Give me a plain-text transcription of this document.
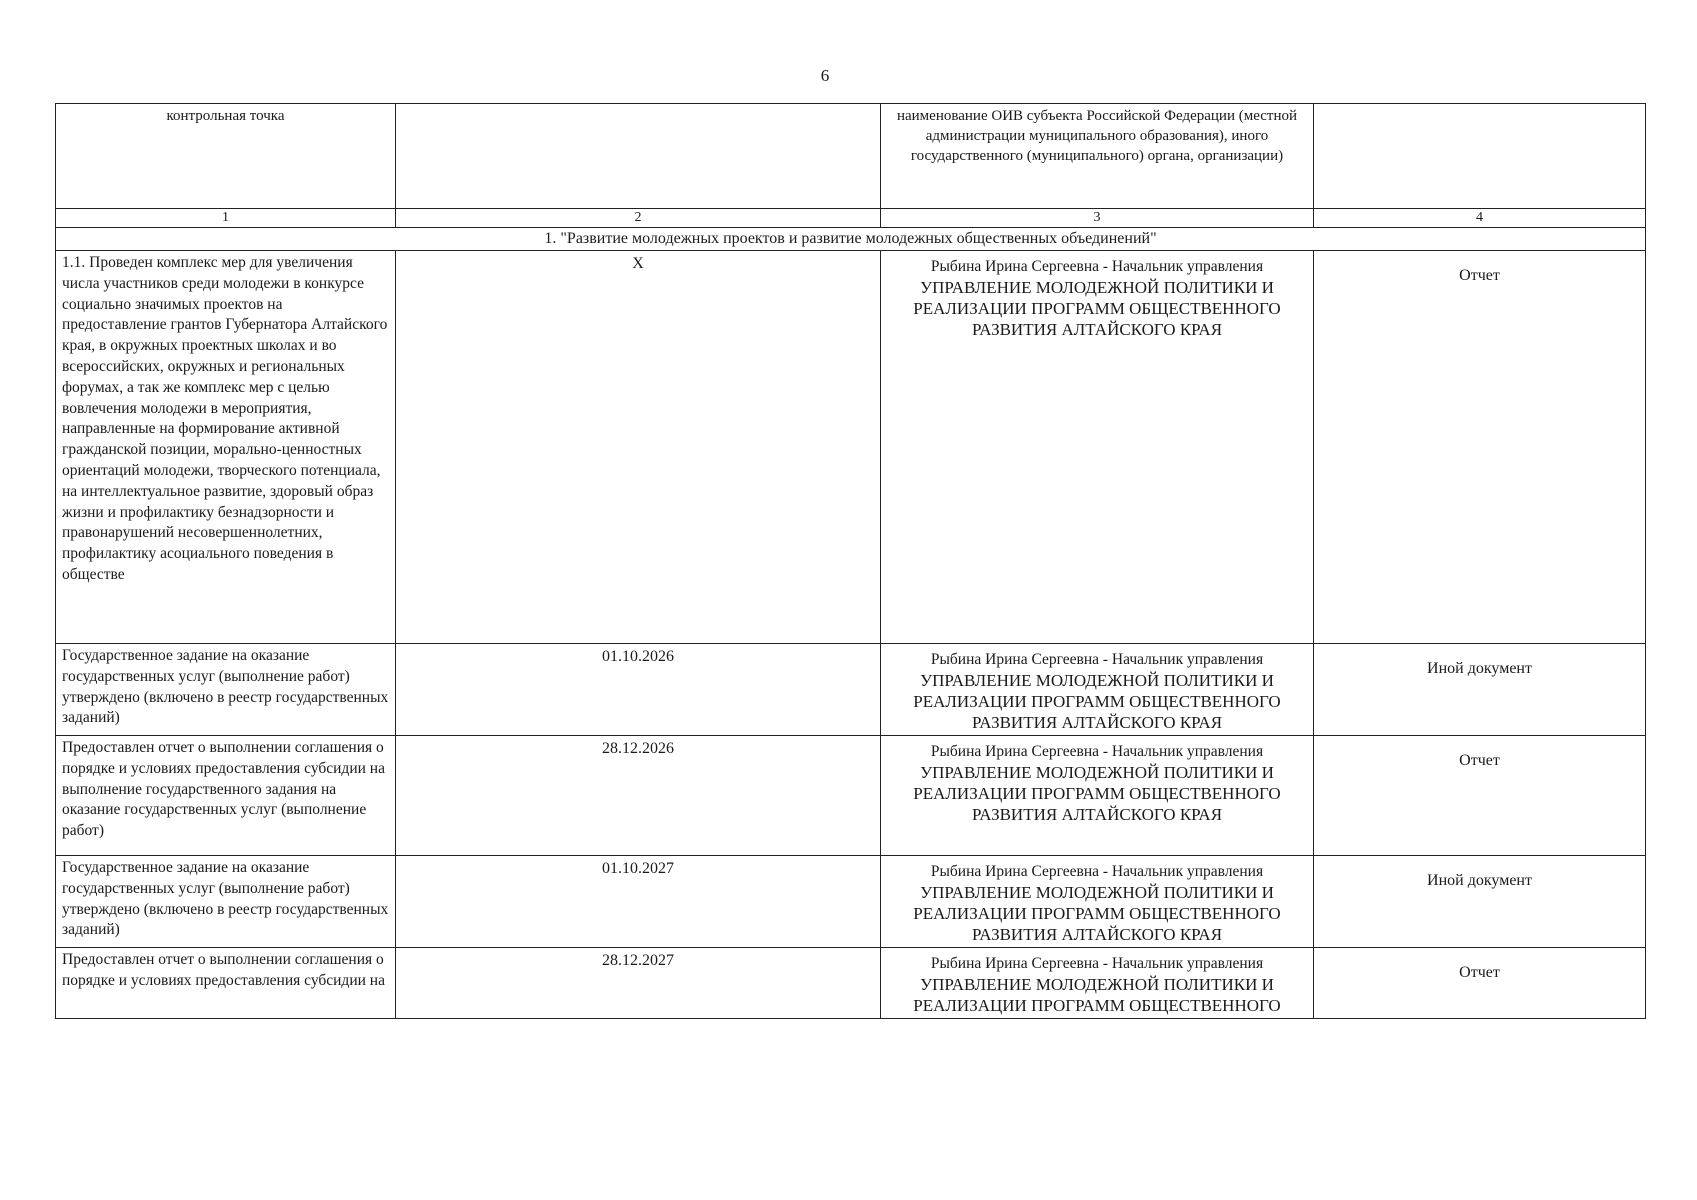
6
контрольная точка		наименование ОИВ субъекта Российской Федерации (местной администрации муниципального образования), иного государственного (муниципального) органа, организации)	
1	2	3	4
1. "Развитие молодежных проектов и развитие молодежных общественных объединений"			
1.1. Проведен комплекс мер для увеличения числа участников среди молодежи в конкурсе социально значимых проектов на предоставление грантов Губернатора Алтайского края, в окружных проектных школах и во всероссийских, окружных и региональных форумах, а так же комплекс мер с целью вовлечения молодежи в мероприятия, направленные на формирование активной гражданской позиции, морально-ценностных ориентаций молодежи, творческого потенциала, на интеллектуальное развитие, здоровый образ жизни и профилактику безнадзорности и правонарушений несовершеннолетних, профилактику асоциального поведения в обществе	X	Рыбина Ирина Сергеевна - Начальник управления
УПРАВЛЕНИЕ МОЛОДЕЖНОЙ ПОЛИТИКИ И РЕАЛИЗАЦИИ ПРОГРАММ ОБЩЕСТВЕННОГО РАЗВИТИЯ АЛТАЙСКОГО КРАЯ	Отчет

Государственное задание на оказание государственных услуг (выполнение работ) утверждено (включено в реестр государственных заданий)	01.10.2026	Рыбина Ирина Сергеевна - Начальник управления
УПРАВЛЕНИЕ МОЛОДЕЖНОЙ ПОЛИТИКИ И РЕАЛИЗАЦИИ ПРОГРАММ ОБЩЕСТВЕННОГО РАЗВИТИЯ АЛТАЙСКОГО КРАЯ	Иной документ

Предоставлен отчет о выполнении соглашения о порядке и условиях предоставления субсидии на выполнение государственного задания на оказание государственных услуг (выполнение работ)	28.12.2026	Рыбина Ирина Сергеевна - Начальник управления
УПРАВЛЕНИЕ МОЛОДЕЖНОЙ ПОЛИТИКИ И РЕАЛИЗАЦИИ ПРОГРАММ ОБЩЕСТВЕННОГО РАЗВИТИЯ АЛТАЙСКОГО КРАЯ	Отчет

Государственное задание на оказание государственных услуг (выполнение работ) утверждено (включено в реестр государственных заданий)	01.10.2027	Рыбина Ирина Сергеевна - Начальник управления
УПРАВЛЕНИЕ МОЛОДЕЖНОЙ ПОЛИТИКИ И РЕАЛИЗАЦИИ ПРОГРАММ ОБЩЕСТВЕННОГО РАЗВИТИЯ АЛТАЙСКОГО КРАЯ	Иной документ

Предоставлен отчет о выполнении соглашения о порядке и условиях предоставления субсидии на	28.12.2027	Рыбина Ирина Сергеевна - Начальник управления
УПРАВЛЕНИЕ МОЛОДЕЖНОЙ ПОЛИТИКИ И РЕАЛИЗАЦИИ ПРОГРАММ ОБЩЕСТВЕННОГО	Отчет
